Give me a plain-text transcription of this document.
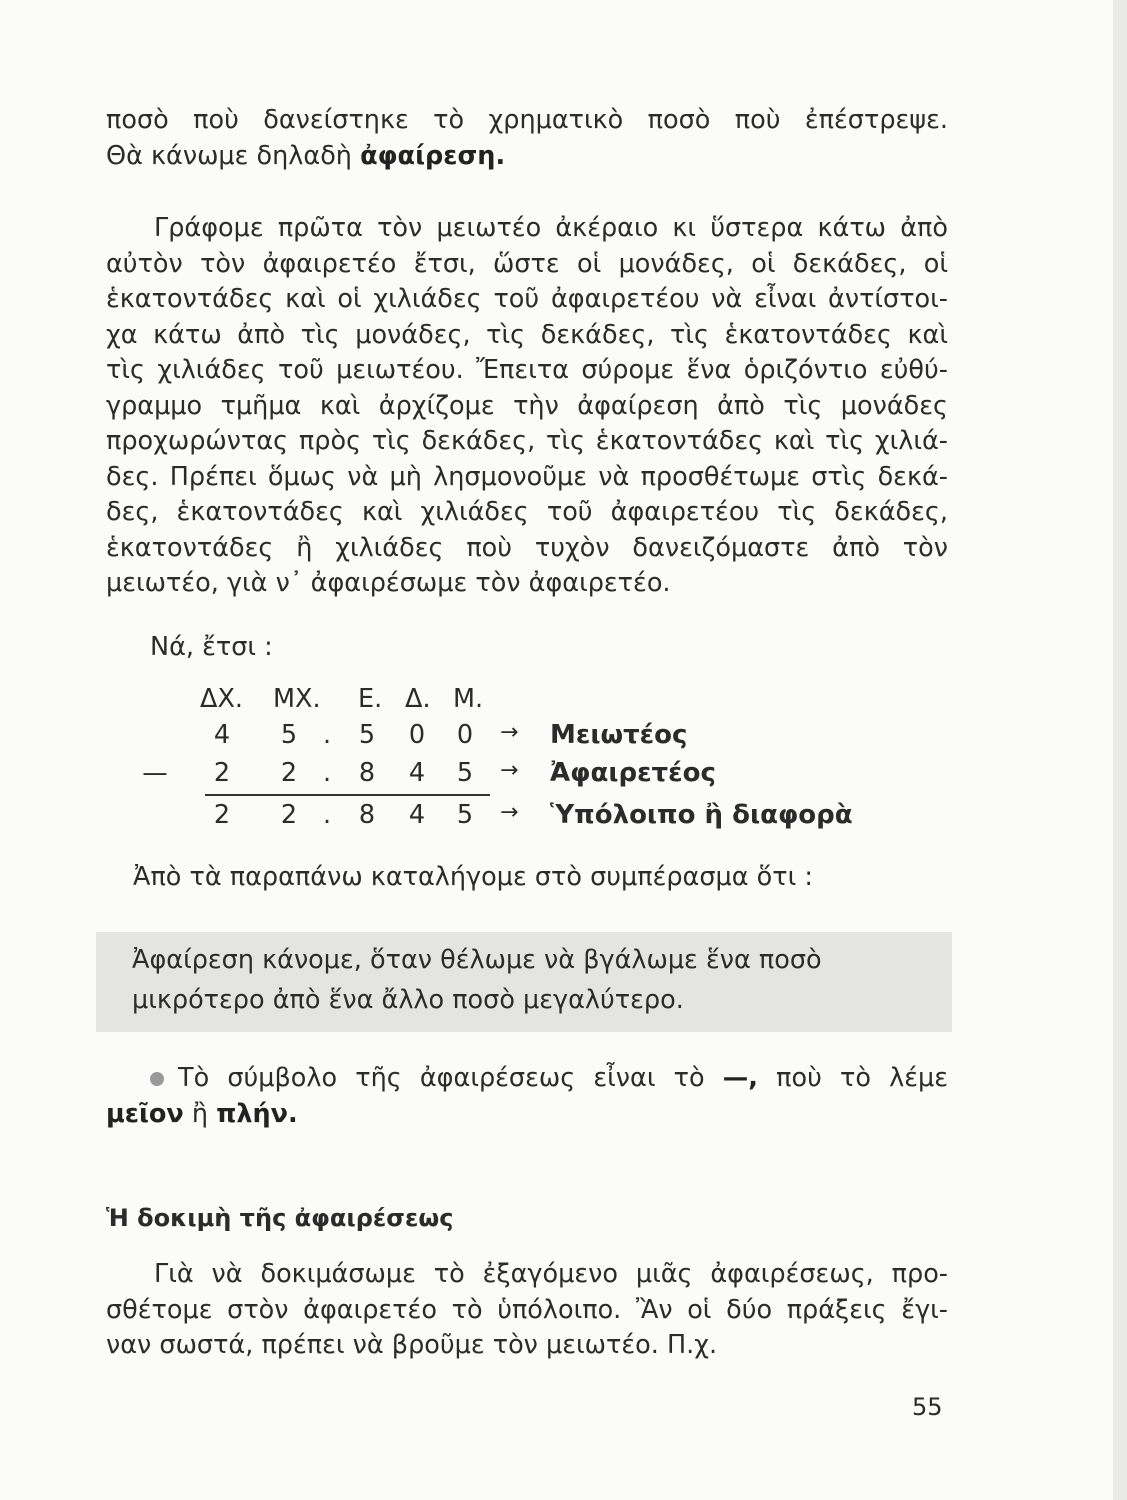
ποσὸ ποὺ δανείστηκε τὸ χρηματικὸ ποσὸ ποὺ ἐπέστρεψε.
Θὰ κάνωμε δηλαδὴ ἀφαίρεση.
Γράφομε πρῶτα τὸν μειωτέο ἀκέραιο κι ὕστερα κάτω ἀπὸ
αὐτὸν τὸν ἀφαιρετέο ἔτσι, ὥστε οἱ μονάδες, οἱ δεκάδες, οἱ
ἑκατοντάδες καὶ οἱ χιλιάδες τοῦ ἀφαιρετέου νὰ εἶναι ἀντίστοι-
χα κάτω ἀπὸ τὶς μονάδες, τὶς δεκάδες, τὶς ἑκατοντάδες καὶ
τὶς χιλιάδες τοῦ μειωτέου. Ἔπειτα σύρομε ἕνα ὁριζόντιο εὐθύ-
γραμμο τμῆμα καὶ ἀρχίζομε τὴν ἀφαίρεση ἀπὸ τὶς μονάδες
προχωρώντας πρὸς τὶς δεκάδες, τὶς ἑκατοντάδες καὶ τὶς χιλιά-
δες. Πρέπει ὅμως νὰ μὴ λησμονοῦμε νὰ προσθέτωμε στὶς δεκά-
δες, ἑκατοντάδες καὶ χιλιάδες τοῦ ἀφαιρετέου τὶς δεκάδες,
ἑκατοντάδες ἢ χιλιάδες ποὺ τυχὸν δανειζόμαστε ἀπὸ τὸν
μειωτέο, γιὰ ν᾿ ἀφαιρέσωμε τὸν ἀφαιρετέο.
Νά, ἔτσι :
ΔΧ.	ΜΧ.	Ε. Δ. Μ.
4 5	.	5 0 0	→ Μειωτέος
— 2 2	.	8 4 5	→ Ἀφαιρετέος
2 2	.	8 4 5	→ Ὑπόλοιπο ἢ διαφορὰ
Ἀπὸ τὰ παραπάνω καταλήγομε στὸ συμπέρασμα ὅτι :
Ἀφαίρεση κάνομε, ὅταν θέλωμε νὰ βγάλωμε ἕνα ποσὸ
μικρότερο ἀπὸ ἕνα ἄλλο ποσὸ μεγαλύτερο.
Τὸ σύμβολο τῆς ἀφαιρέσεως εἶναι τὸ —, ποὺ τὸ λέμε
μεῖον ἢ πλήν.
Ἡ δοκιμὴ τῆς ἀφαιρέσεως
Γιὰ νὰ δοκιμάσωμε τὸ ἐξαγόμενο μιᾶς ἀφαιρέσεως, προ-
σθέτομε στὸν ἀφαιρετέο τὸ ὑπόλοιπο. Ἂν οἱ δύο πράξεις ἔγι-
ναν σωστά, πρέπει νὰ βροῦμε τὸν μειωτέο. Π.χ.
55
